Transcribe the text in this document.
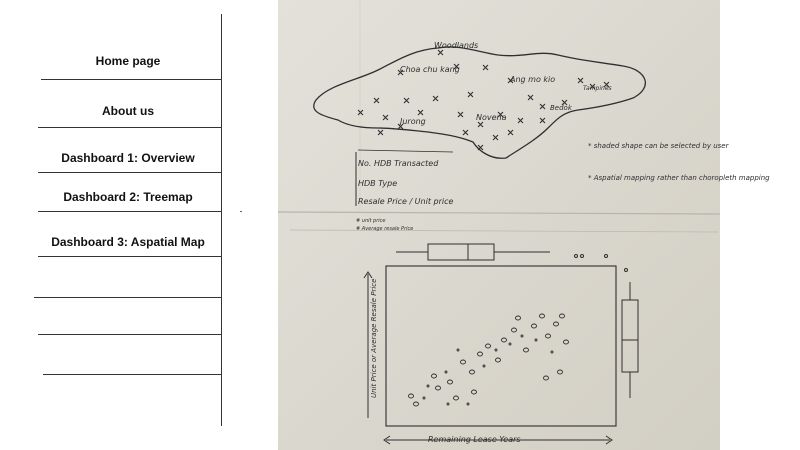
Home page
About us
Dashboard 1: Overview
Dashboard 2: Treemap
Dashboard 3: Aspatial Map
Woodlands
Choa chu kang
Ang mo kio
Tampines
Bedok
Jurong	Novena
No. HDB Transacted
HDB Type
Resale Price / Unit price
* shaded shape can be selected by user
* Aspatial mapping rather than choropleth mapping
# unit price
# Average resale Price
Unit Price or Average Resale Price
Remaining Lease Years
